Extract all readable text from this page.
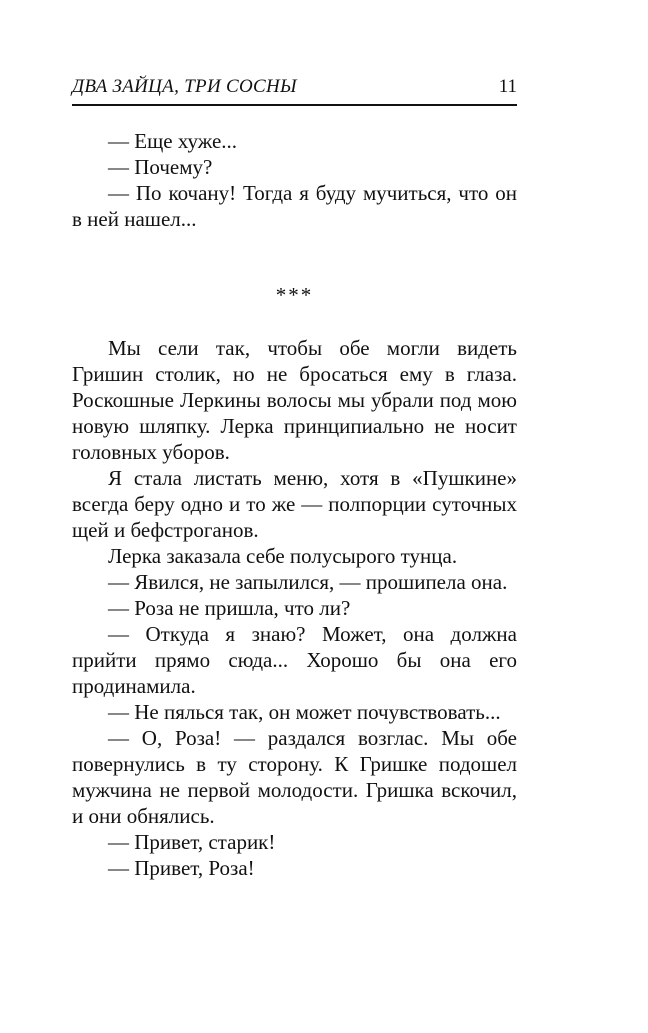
ДВА ЗАЙЦА, ТРИ СОСНЫ	11

— Еще хуже...

— Почему?

— По кочану! Тогда я буду мучиться, что он в ней нашел...

***

Мы сели так, чтобы обе могли видеть Гришин столик, но не бросаться ему в глаза. Роскошные Леркины волосы мы убрали под мою новую шляпку. Лерка принципиально не носит головных уборов.

Я стала листать меню, хотя в «Пушкине» всегда беру одно и то же — полпорции суточных щей и бефстроганов.

Лерка заказала себе полусырого тунца.

— Явился, не запылился, — прошипела она.

— Роза не пришла, что ли?

— Откуда я знаю? Может, она должна прийти прямо сюда... Хорошо бы она его продинамила.

— Не пялься так, он может почувствовать...

— О, Роза! — раздался возглас. Мы обе повернулись в ту сторону. К Гришке подошел мужчина не первой молодости. Гришка вскочил, и они обнялись.

— Привет, старик!

— Привет, Роза!
